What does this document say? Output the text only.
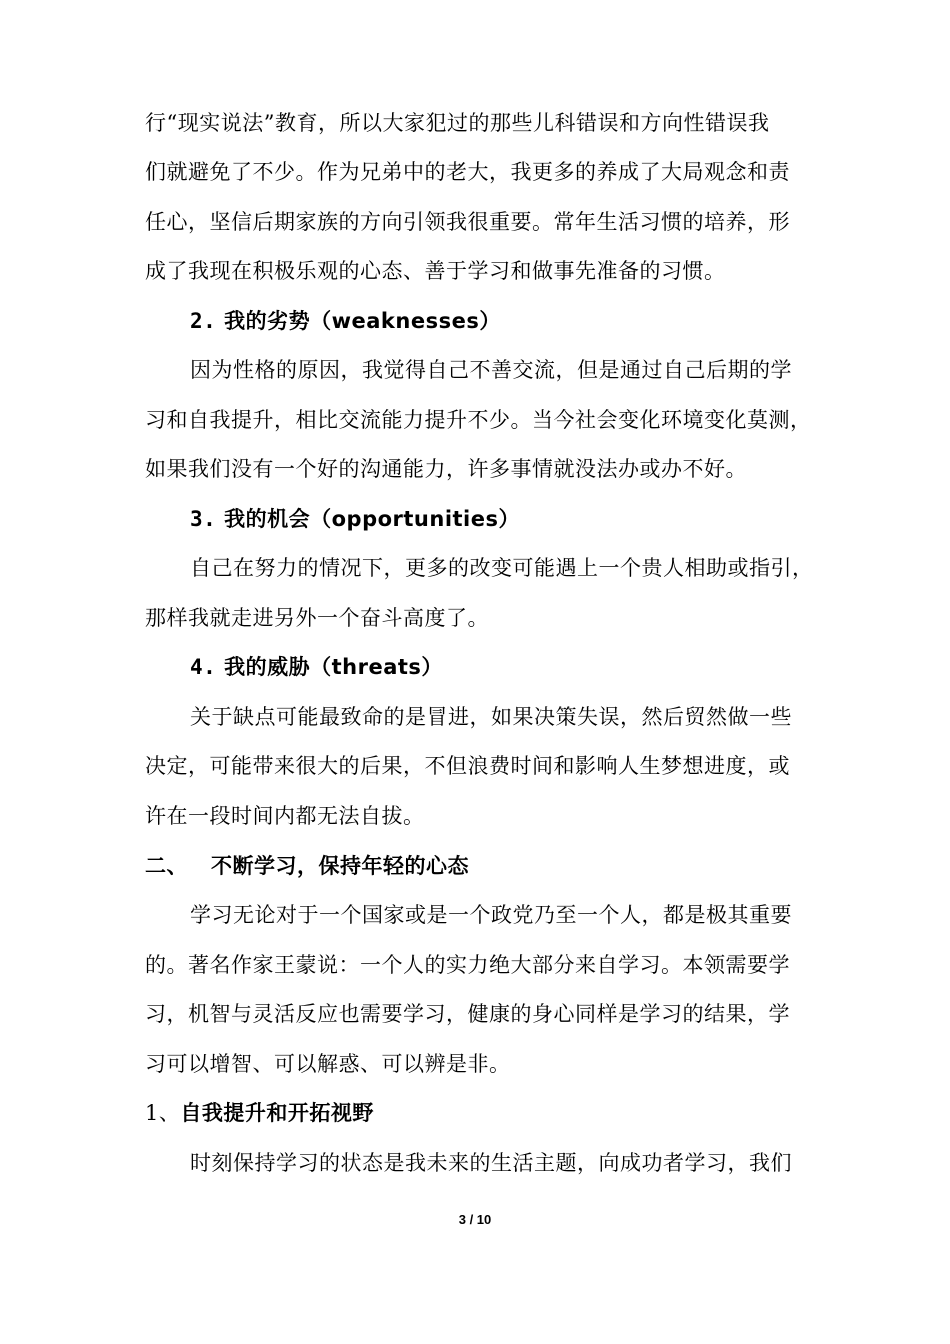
行“现实说法”教育，所以大家犯过的那些儿科错误和方向性错误我
们就避免了不少。作为兄弟中的老大，我更多的养成了大局观念和责
任心，坚信后期家族的方向引领我很重要。常年生活习惯的培养，形
成了我现在积极乐观的心态、善于学习和做事先准备的习惯。
2. 我的劣势（weaknesses）
因为性格的原因，我觉得自己不善交流，但是通过自己后期的学
习和自我提升，相比交流能力提升不少。当今社会变化环境变化莫测，
如果我们没有一个好的沟通能力，许多事情就没法办或办不好。
3. 我的机会（opportunities）
自己在努力的情况下，更多的改变可能遇上一个贵人相助或指引，
那样我就走进另外一个奋斗高度了。
4. 我的威胁（threats）
关于缺点可能最致命的是冒进，如果决策失误，然后贸然做一些
决定，可能带来很大的后果，不但浪费时间和影响人生梦想进度，或
许在一段时间内都无法自拔。
二、 不断学习，保持年轻的心态
学习无论对于一个国家或是一个政党乃至一个人，都是极其重要
的。著名作家王蒙说：一个人的实力绝大部分来自学习。本领需要学
习，机智与灵活反应也需要学习，健康的身心同样是学习的结果，学
习可以增智、可以解惑、可以辨是非。
1、自我提升和开拓视野
时刻保持学习的状态是我未来的生活主题，向成功者学习，我们
3 / 10
